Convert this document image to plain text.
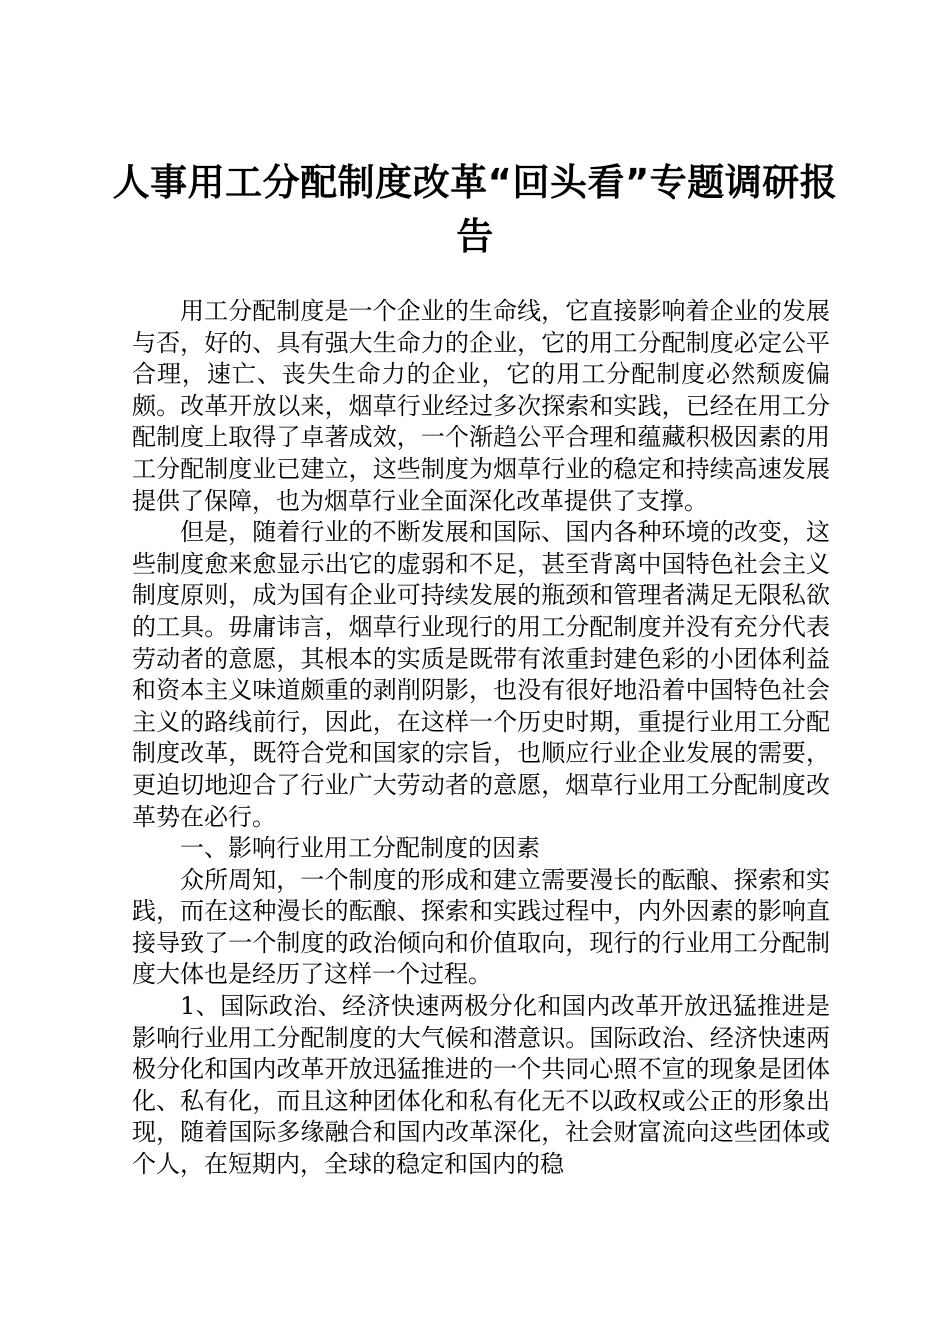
人事用工分配制度改革“回头看”专题调研报告

用工分配制度是一个企业的生命线，它直接影响着企业的发展与否，好的、具有强大生命力的企业，它的用工分配制度必定公平合理，速亡、丧失生命力的企业，它的用工分配制度必然颓废偏颇。改革开放以来，烟草行业经过多次探索和实践，已经在用工分配制度上取得了卓著成效，一个渐趋公平合理和蕴藏积极因素的用工分配制度业已建立，这些制度为烟草行业的稳定和持续高速发展提供了保障，也为烟草行业全面深化改革提供了支撑。

但是，随着行业的不断发展和国际、国内各种环境的改变，这些制度愈来愈显示出它的虚弱和不足，甚至背离中国特色社会主义制度原则，成为国有企业可持续发展的瓶颈和管理者满足无限私欲的工具。毋庸讳言，烟草行业现行的用工分配制度并没有充分代表劳动者的意愿，其根本的实质是既带有浓重封建色彩的小团体利益和资本主义味道颇重的剥削阴影，也没有很好地沿着中国特色社会主义的路线前行，因此，在这样一个历史时期，重提行业用工分配制度改革，既符合党和国家的宗旨，也顺应行业企业发展的需要，更迫切地迎合了行业广大劳动者的意愿，烟草行业用工分配制度改革势在必行。

一、影响行业用工分配制度的因素

众所周知，一个制度的形成和建立需要漫长的酝酿、探索和实践，而在这种漫长的酝酿、探索和实践过程中，内外因素的影响直接导致了一个制度的政治倾向和价值取向，现行的行业用工分配制度大体也是经历了这样一个过程。

1、国际政治、经济快速两极分化和国内改革开放迅猛推进是影响行业用工分配制度的大气候和潜意识。国际政治、经济快速两极分化和国内改革开放迅猛推进的一个共同心照不宣的现象是团体化、私有化，而且这种团体化和私有化无不以政权或公正的形象出现，随着国际多缘融合和国内改革深化，社会财富流向这些团体或个人，在短期内，全球的稳定和国内的稳
